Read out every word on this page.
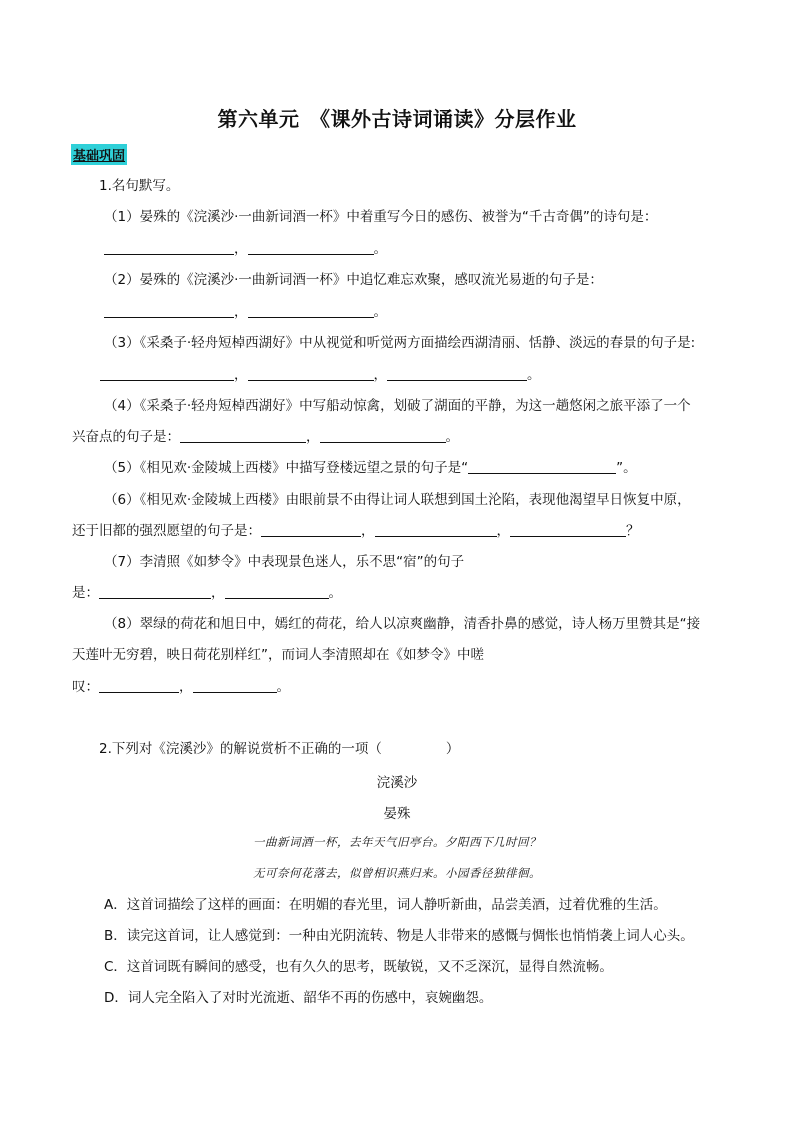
第六单元　《课外古诗词诵读》分层作业
基础巩固
1.名句默写。
（1）晏殊的《浣溪沙·一曲新词酒一杯》中着重写今日的感伤、被誉为“千古奇偶”的诗句是：
，	。
（2）晏殊的《浣溪沙·一曲新词酒一杯》中追忆难忘欢聚，感叹流光易逝的句子是：
，	。
（3）《采桑子·轻舟短棹西湖好》中从视觉和听觉两方面描绘西湖清丽、恬静、淡远的春景的句子是:
，	，	。
（4）《采桑子·轻舟短棹西湖好》中写船动惊禽，划破了湖面的平静，为这一趟悠闲之旅平添了一个
兴奋点的句子是：	，	。
（5）《相见欢·金陵城上西楼》中描写登楼远望之景的句子是“	”。
（6）《相见欢·金陵城上西楼》由眼前景不由得让词人联想到国土沦陷，表现他渴望早日恢复中原，
还于旧都的强烈愿望的句子是：	，	，	？
（7）李清照《如梦令》中表现景色迷人，乐不思“宿”的句子
是：	，	。
（8）翠绿的荷花和旭日中，嫣红的荷花，给人以凉爽幽静，清香扑鼻的感觉，诗人杨万里赞其是“接
天莲叶无穷碧，映日荷花别样红”，而词人李清照却在《如梦令》中嗟
叹：	，	。
2.下列对《浣溪沙》的解说赏析不正确的一项（	）
浣溪沙
晏殊
一曲新词酒一杯，去年天气旧亭台。夕阳西下几时回？
无可奈何花落去，似曾相识燕归来。小园香径独徘徊。
A．这首词描绘了这样的画面：在明媚的春光里，词人静听新曲，品尝美酒，过着优雅的生活。
B．读完这首词，让人感觉到：一种由光阴流转、物是人非带来的感慨与惆怅也悄悄袭上词人心头。
C．这首词既有瞬间的感受，也有久久的思考，既敏锐，又不乏深沉，显得自然流畅。
D．词人完全陷入了对时光流逝、韶华不再的伤感中，哀婉幽怨。
